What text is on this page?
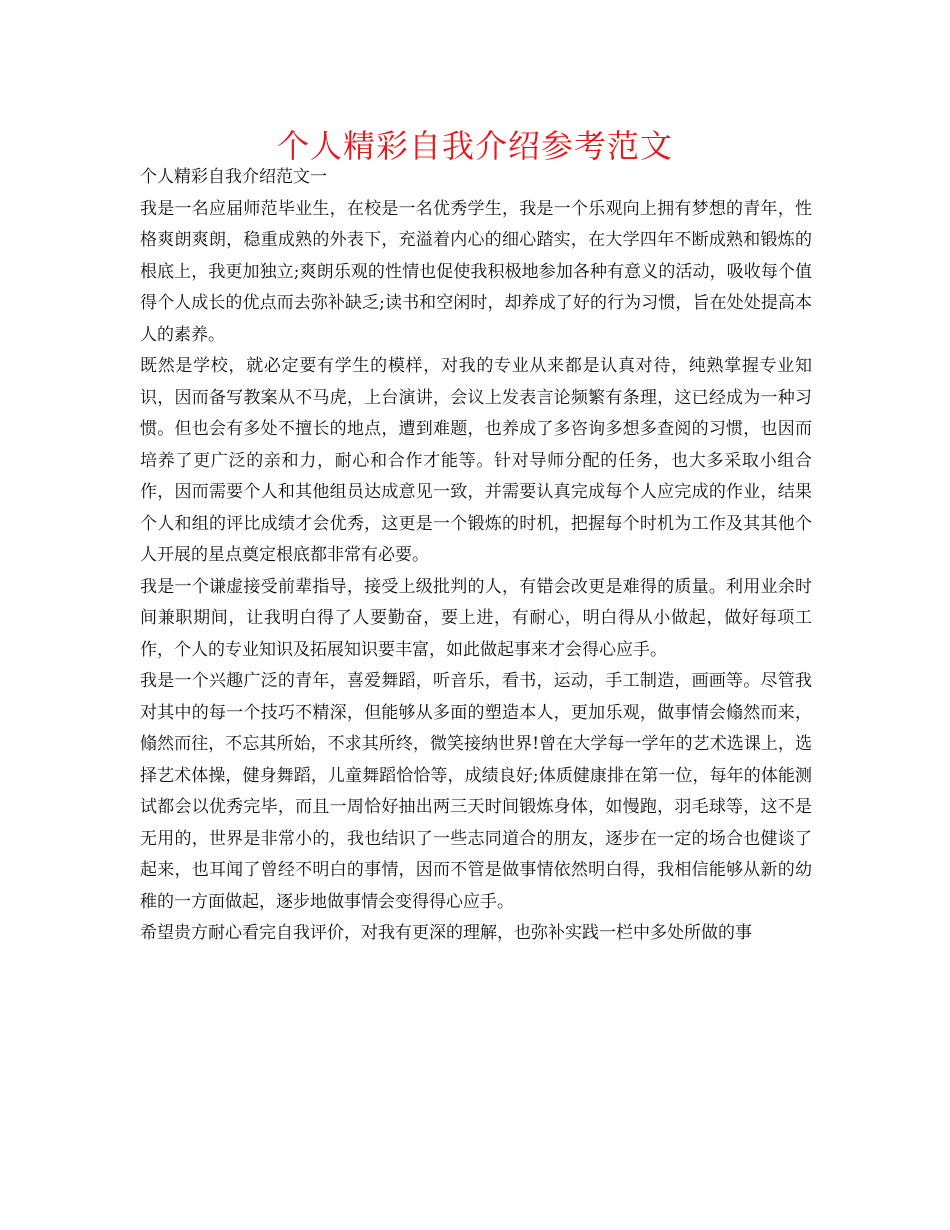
个人精彩自我介绍参考范文

个人精彩自我介绍范文一

我是一名应届师范毕业生，在校是一名优秀学生，我是一个乐观向上拥有梦想的青年，性格爽朗爽朗，稳重成熟的外表下，充溢着内心的细心踏实，在大学四年不断成熟和锻炼的根底上，我更加独立;爽朗乐观的性情也促使我积极地参加各种有意义的活动，吸收每个值得个人成长的优点而去弥补缺乏;读书和空闲时，却养成了好的行为习惯，旨在处处提高本人的素养。

既然是学校，就必定要有学生的模样，对我的专业从来都是认真对待，纯熟掌握专业知识，因而备写教案从不马虎，上台演讲，会议上发表言论频繁有条理，这已经成为一种习惯。但也会有多处不擅长的地点，遭到难题，也养成了多咨询多想多查阅的习惯，也因而培养了更广泛的亲和力，耐心和合作才能等。针对导师分配的任务，也大多采取小组合作，因而需要个人和其他组员达成意见一致，并需要认真完成每个人应完成的作业，结果个人和组的评比成绩才会优秀，这更是一个锻炼的时机，把握每个时机为工作及其其他个人开展的星点奠定根底都非常有必要。

我是一个谦虚接受前辈指导，接受上级批判的人，有错会改更是难得的质量。利用业余时间兼职期间，让我明白得了人要勤奋，要上进，有耐心，明白得从小做起，做好每项工作，个人的专业知识及拓展知识要丰富，如此做起事来才会得心应手。

我是一个兴趣广泛的青年，喜爱舞蹈，听音乐，看书，运动，手工制造，画画等。尽管我对其中的每一个技巧不精深，但能够从多面的塑造本人，更加乐观，做事情会翛然而来，翛然而往，不忘其所始，不求其所终，微笑接纳世界!曾在大学每一学年的艺术选课上，选择艺术体操，健身舞蹈，儿童舞蹈恰恰等，成绩良好;体质健康排在第一位，每年的体能测试都会以优秀完毕，而且一周恰好抽出两三天时间锻炼身体，如慢跑，羽毛球等，这不是无用的，世界是非常小的，我也结识了一些志同道合的朋友，逐步在一定的场合也健谈了起来，也耳闻了曾经不明白的事情，因而不管是做事情依然明白得，我相信能够从新的幼稚的一方面做起，逐步地做事情会变得得心应手。

希望贵方耐心看完自我评价，对我有更深的理解，也弥补实践一栏中多处所做的事
